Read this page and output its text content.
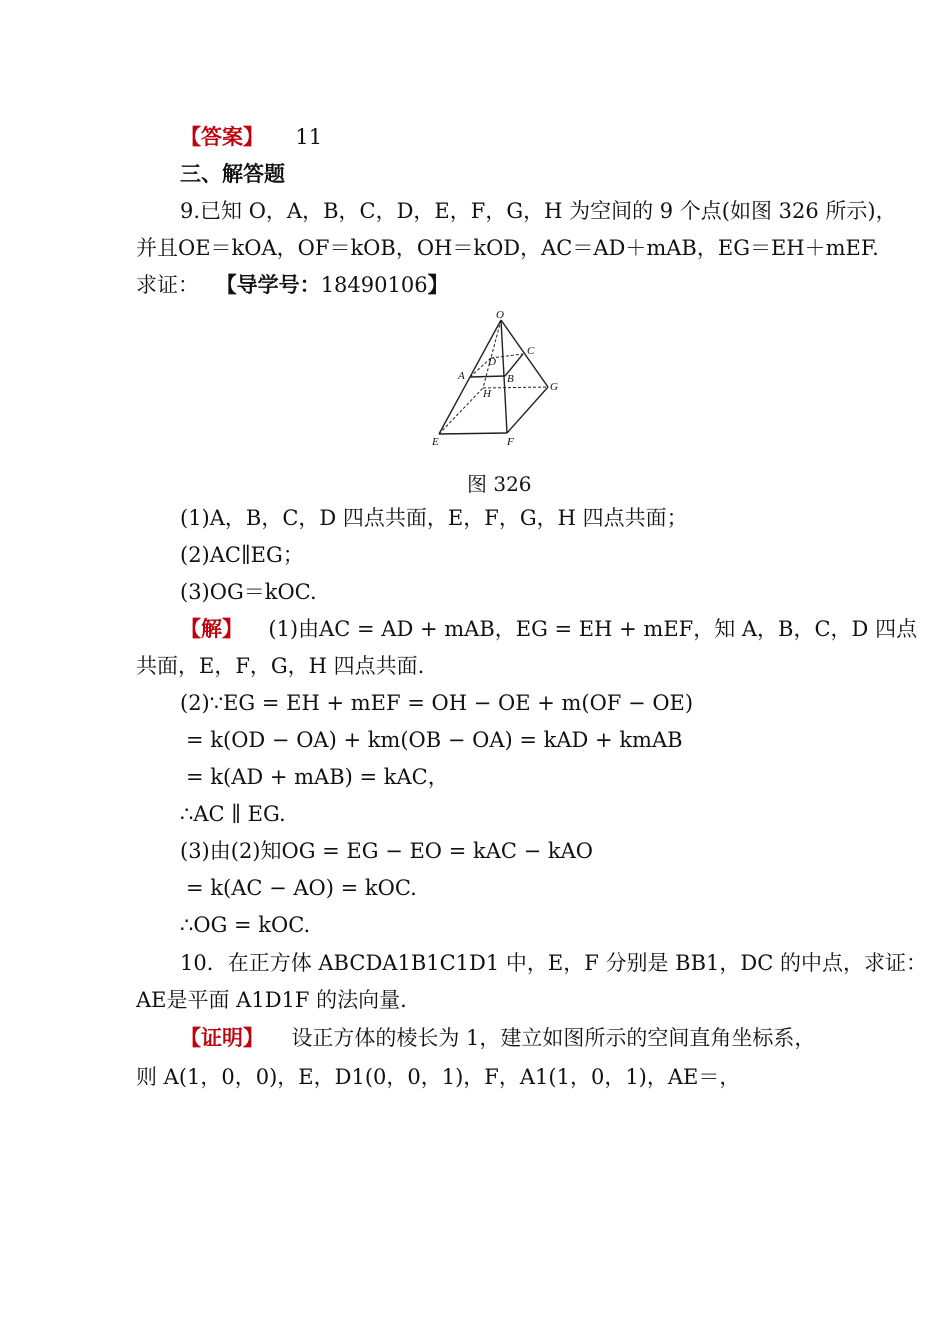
【答案】 11
三、解答题
9.已知 O，A，B，C，D，E，F，G，H 为空间的 9 个点(如图 326 所示)，
并且OE＝kOA，OF＝kOB，OH＝kOD，AC＝AD＋mAB，EG＝EH＋mEF.
求证： 【导学号：18490106】
O
C
D
A	B
G
H
E	F
图 326
(1)A，B，C，D 四点共面，E，F，G，H 四点共面；
(2)AC∥EG；
(3)OG＝kOC.
【解】 (1)由AC = AD + mAB，EG = EH + mEF，知 A，B，C，D 四点
共面，E，F，G，H 四点共面.
(2)∵EG = EH + mEF = OH − OE + m(OF − OE)
= k(OD − OA) + km(OB − OA) = kAD + kmAB
= k(AD + mAB) = kAC，
∴AC ∥ EG.
(3)由(2)知OG = EG − EO = kAC − kAO
= k(AC − AO) = kOC.
∴OG = kOC.
10．在正方体 ABCDA1B1C1D1 中，E，F 分别是 BB1，DC 的中点，求证：
AE是平面 A1D1F 的法向量.
【证明】 设正方体的棱长为 1，建立如图所示的空间直角坐标系，
则 A(1，0，0)，E，D1(0，0，1)，F，A1(1，0，1)，AE＝，
